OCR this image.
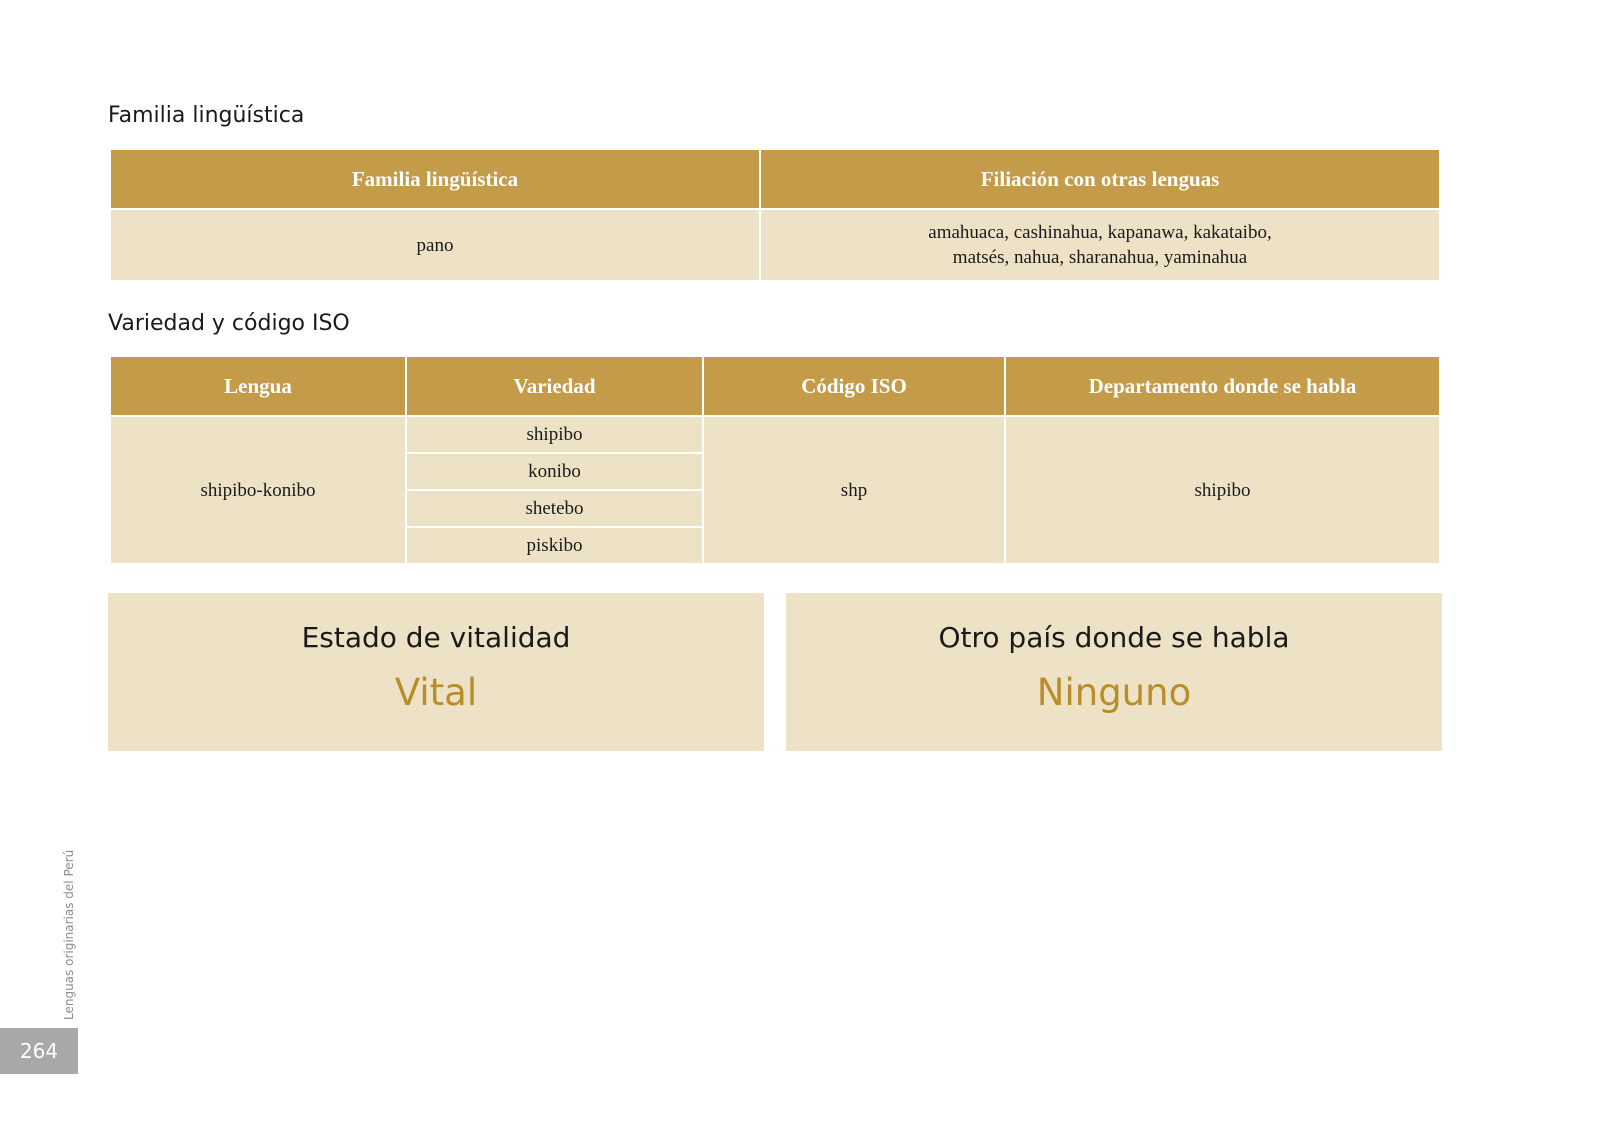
Familia lingüística
Familia lingüística	Filiación con otras lenguas
pano	amahuaca, cashinahua, kapanawa, kakataibo,
matsés, nahua, sharanahua, yaminahua
Variedad y código ISO
Lengua	Variedad	Código ISO	Departamento donde se habla
shipibo-konibo	shipibo	shp	shipibo
	konibo		
	shetebo		
	piskibo		
Estado de vitalidad
Vital
Otro país donde se habla
Ninguno
Lenguas originarias del Perú
264
